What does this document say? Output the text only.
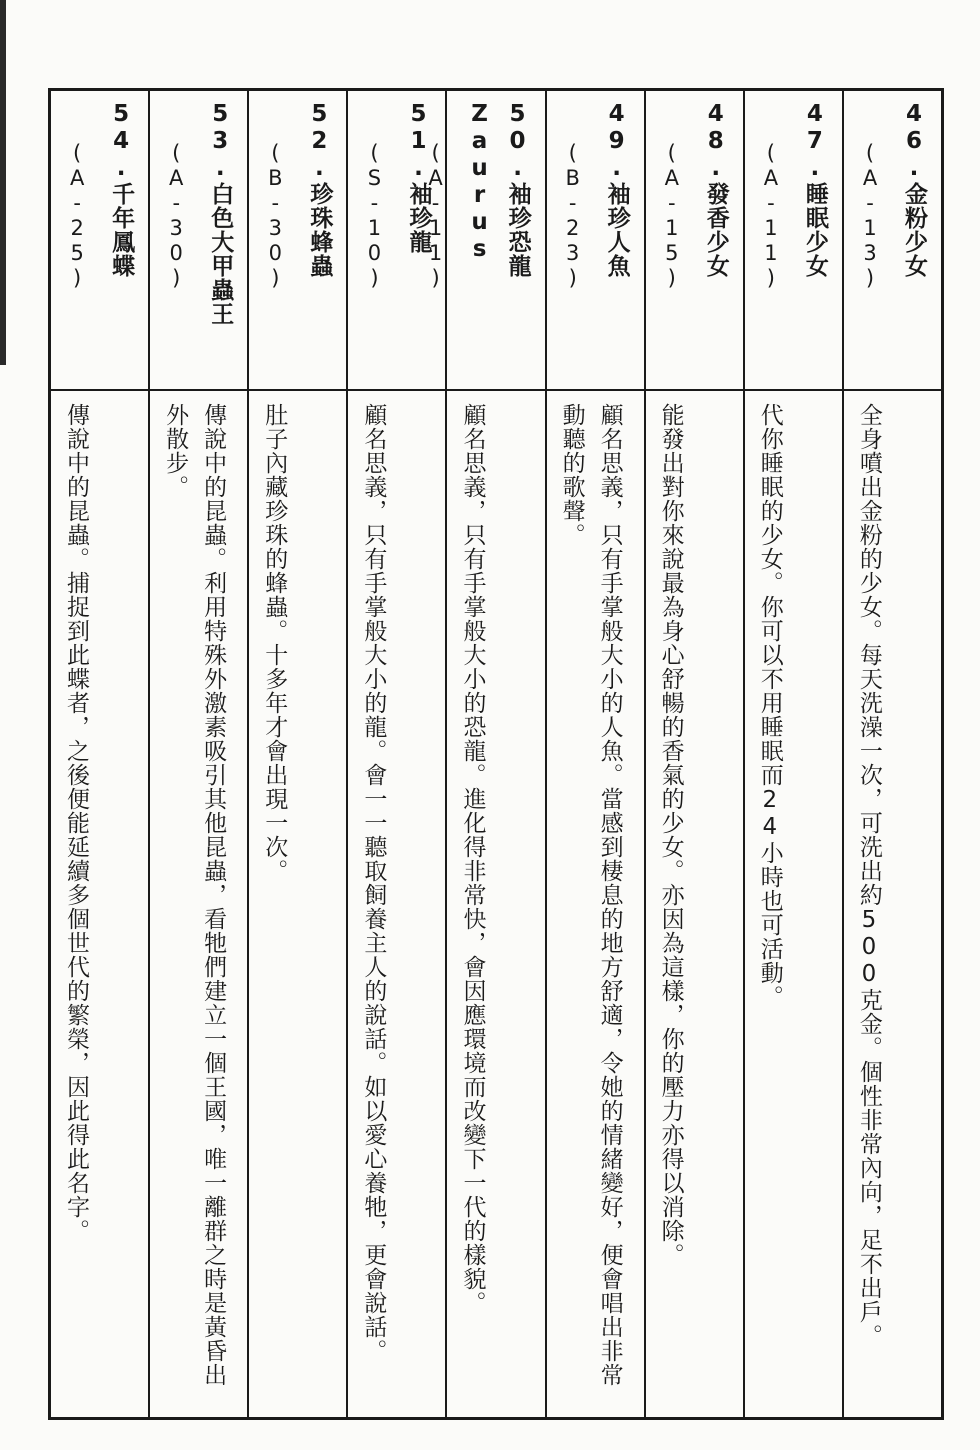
46.金粉少女
(A-13)
全身噴出金粉的少女。每天洗澡一次，可洗出約500克金。個性非常內向，足不出戶。
47.睡眠少女
(A-11)
代你睡眠的少女。你可以不用睡眠而24小時也可活動。
48.發香少女
(A-15)
能發出對你來說最為身心舒暢的香氣的少女。亦因為這樣，你的壓力亦得以消除。
49.袖珍人魚
(B-23)
顧名思義，只有手掌般大小的人魚。當感到棲息的地方舒適，令她的情緒變好，便會唱出非常動聽的歌聲。
50.袖珍恐龍Zaurus
(A-11)
顧名思義，只有手掌般大小的恐龍。進化得非常快，會因應環境而改變下一代的樣貌。
51.袖珍龍
(S-10)
顧名思義，只有手掌般大小的龍。會一一聽取飼養主人的說話。如以愛心養牠，更會說話。
52.珍珠蜂蟲
(B-30)
肚子內藏珍珠的蜂蟲。十多年才會出現一次。
53.白色大甲蟲王
(A-30)
傳說中的昆蟲。利用特殊外激素吸引其他昆蟲，看牠們建立一個王國，唯一離群之時是黃昏出外散步。
54.千年鳳蝶
(A-25)
傳說中的昆蟲。捕捉到此蝶者，之後便能延續多個世代的繁榮，因此得此名字。
